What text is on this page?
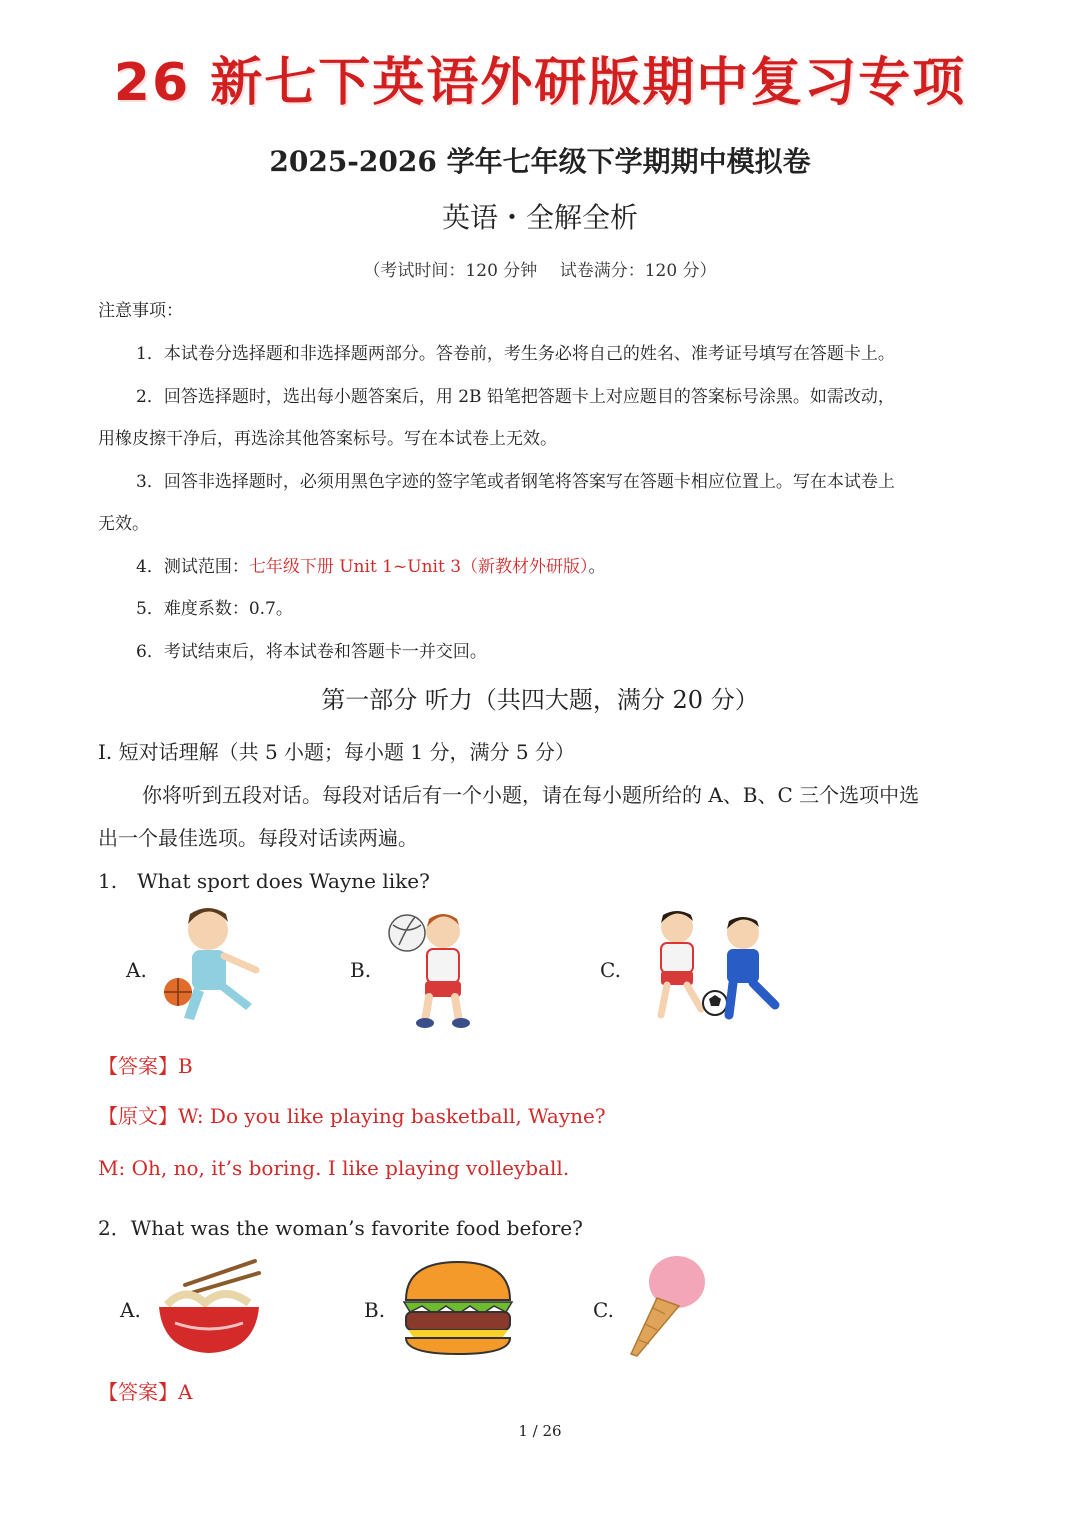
26 新七下英语外研版期中复习专项
2025-2026 学年七年级下学期期中模拟卷
英语・全解全析
（考试时间：120 分钟　 试卷满分：120 分）
注意事项：
1．本试卷分选择题和非选择题两部分。答卷前，考生务必将自己的姓名、准考证号填写在答题卡上。
2．回答选择题时，选出每小题答案后，用 2B 铅笔把答题卡上对应题目的答案标号涂黑。如需改动，
用橡皮擦干净后，再选涂其他答案标号。写在本试卷上无效。
3．回答非选择题时，必须用黑色字迹的签字笔或者钢笔将答案写在答题卡相应位置上。写在本试卷上
无效。
4．测试范围：七年级下册 Unit 1~Unit 3（新教材外研版）。
5．难度系数：0.7。
6．考试结束后，将本试卷和答题卡一并交回。
第一部分 听力（共四大题，满分 20 分）
I. 短对话理解（共 5 小题；每小题 1 分，满分 5 分）
你将听到五段对话。每段对话后有一个小题，请在每小题所给的 A、B、C 三个选项中选
出一个最佳选项。每段对话读两遍。
1.　What sport does Wayne like?
A.	B.	C.
【答案】B
【原文】W: Do you like playing basketball, Wayne?
M: Oh, no, it’s boring. I like playing volleyball.
2．What was the woman’s favorite food before?
A.	B.	C.
【答案】A
1 / 26
